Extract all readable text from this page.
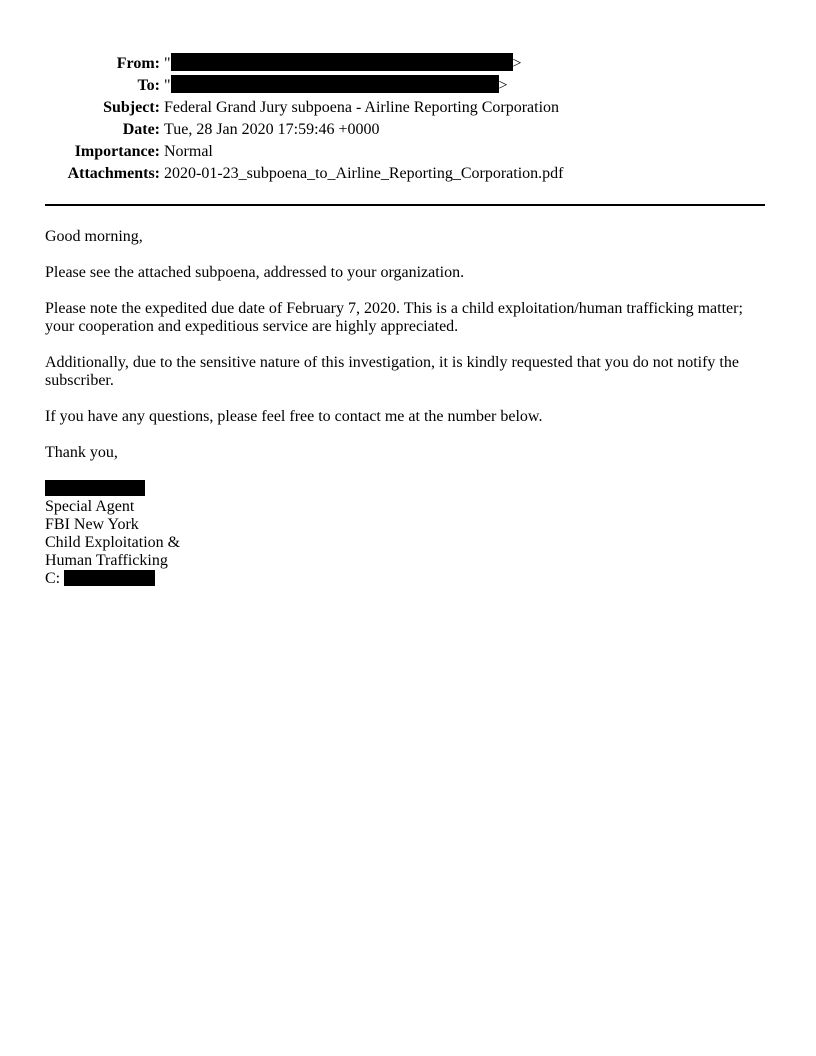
From: "	>
To: "	>
Subject: Federal Grand Jury subpoena - Airline Reporting Corporation
Date: Tue, 28 Jan 2020 17:59:46 +0000
Importance: Normal
Attachments: 2020-01-23_subpoena_to_Airline_Reporting_Corporation.pdf

Good morning,

Please see the attached subpoena, addressed to your organization.

Please note the expedited due date of February 7, 2020. This is a child exploitation/human trafficking matter; your cooperation and expeditious service are highly appreciated.

Additionally, due to the sensitive nature of this investigation, it is kindly requested that you do not notify the subscriber.

If you have any questions, please feel free to contact me at the number below.

Thank you,

Special Agent
FBI New York
Child Exploitation &
Human Trafficking
C:
